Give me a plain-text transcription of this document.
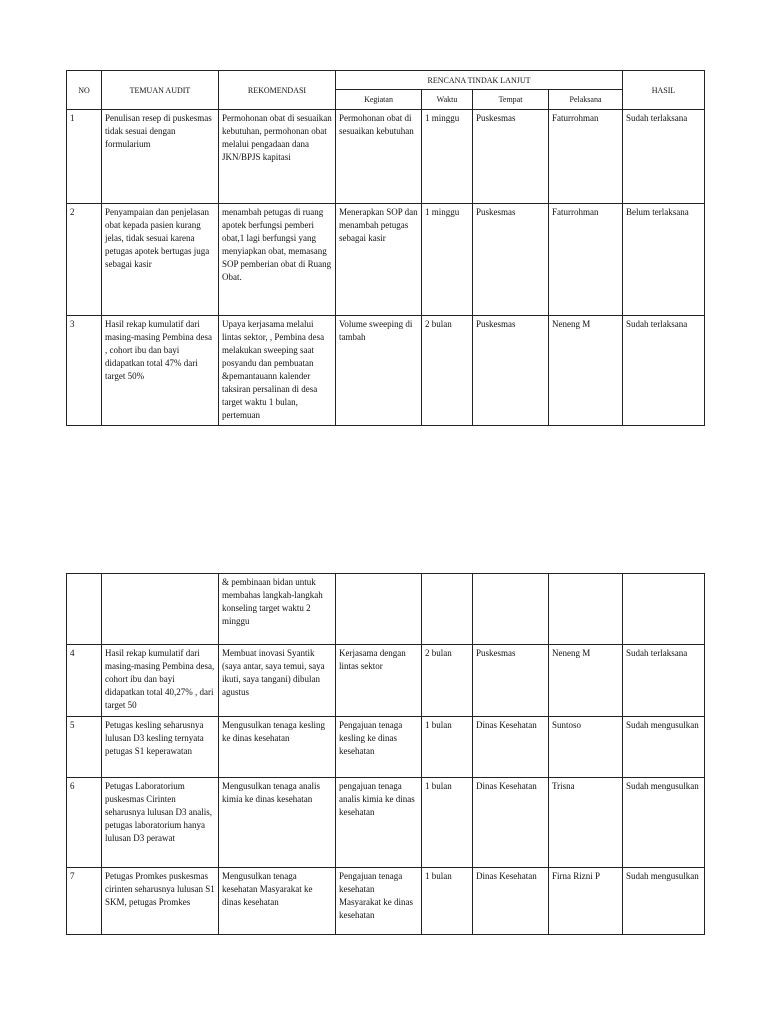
NO	TEMUAN AUDIT	REKOMENDASI	RENCANA TINDAK LANJUT				HASIL
			Kegiatan	Waktu	Tempat	Pelaksana	
1	Penulisan resep di puskesmas tidak sesuai dengan formularium	Permohonan obat di sesuaikan kebutuhan, permohonan obat melalui pengadaan dana JKN/BPJS kapitasi	Permohonan obat di sesuaikan kebutuhan	1 minggu	Puskesmas	Faturrohman	Sudah terlaksana
2	Penyampaian dan penjelasan obat kepada pasien kurang jelas, tidak sesuai karena petugas apotek bertugas juga sebagai kasir	menambah petugas di ruang apotek berfungsi pemberi obat,1 lagi berfungsi yang menyiapkan obat, memasang SOP pemberian obat di Ruang Obat.	Menerapkan SOP dan menambah petugas sebagai kasir	1 minggu	Puskesmas	Faturrohman	Belum terlaksana
3	Hasil rekap kumulatif dari masing-masing Pembina desa , cohort ibu dan bayi didapatkan total 47% dari target 50%	Upaya kerjasama melalui lintas sektor, , Pembina desa melakukan sweeping saat posyandu dan pembuatan &pemantauann kalender taksiran persalinan di desa target waktu 1 bulan, pertemuan	Volume sweeping di tambah	2 bulan	Puskesmas	Neneng M	Sudah terlaksana
		& pembinaan bidan untuk membahas langkah-langkah konseling target waktu 2 minggu					
4	Hasil rekap kumulatif dari masing-masing Pembina desa, cohort ibu dan bayi didapatkan total 40,27% , dari target 50	Membuat inovasi Syantik (saya antar, saya temui, saya ikuti, saya tangani) dibulan agustus	Kerjasama dengan lintas sektor	2 bulan	Puskesmas	Neneng M	Sudah terlaksana
5	Petugas kesling seharusnya lulusan D3 kesling ternyata petugas S1 keperawatan	Mengusulkan tenaga kesling ke dinas kesehatan	Pengajuan tenaga kesling ke dinas kesehatan	1 bulan	Dinas Kesehatan	Suntoso	Sudah mengusulkan
6	Petugas Laboratorium puskesmas Cirinten seharusnya lulusan D3 analis, petugas laboratorium hanya lulusan D3 perawat	Mengusulkan tenaga analis kimia ke dinas kesehatan	pengajuan tenaga analis kimia ke dinas kesehatan	1 bulan	Dinas Kesehatan	Trisna	Sudah mengusulkan
7	Petugas Promkes puskesmas cirinten seharusnya lulusan S1 SKM, petugas Promkes	Mengusulkan tenaga kesehatan Masyarakat ke dinas kesehatan	Pengajuan tenaga kesehatan Masyarakat ke dinas kesehatan	1 bulan	Dinas Kesehatan	Firna Rizni P	Sudah mengusulkan
